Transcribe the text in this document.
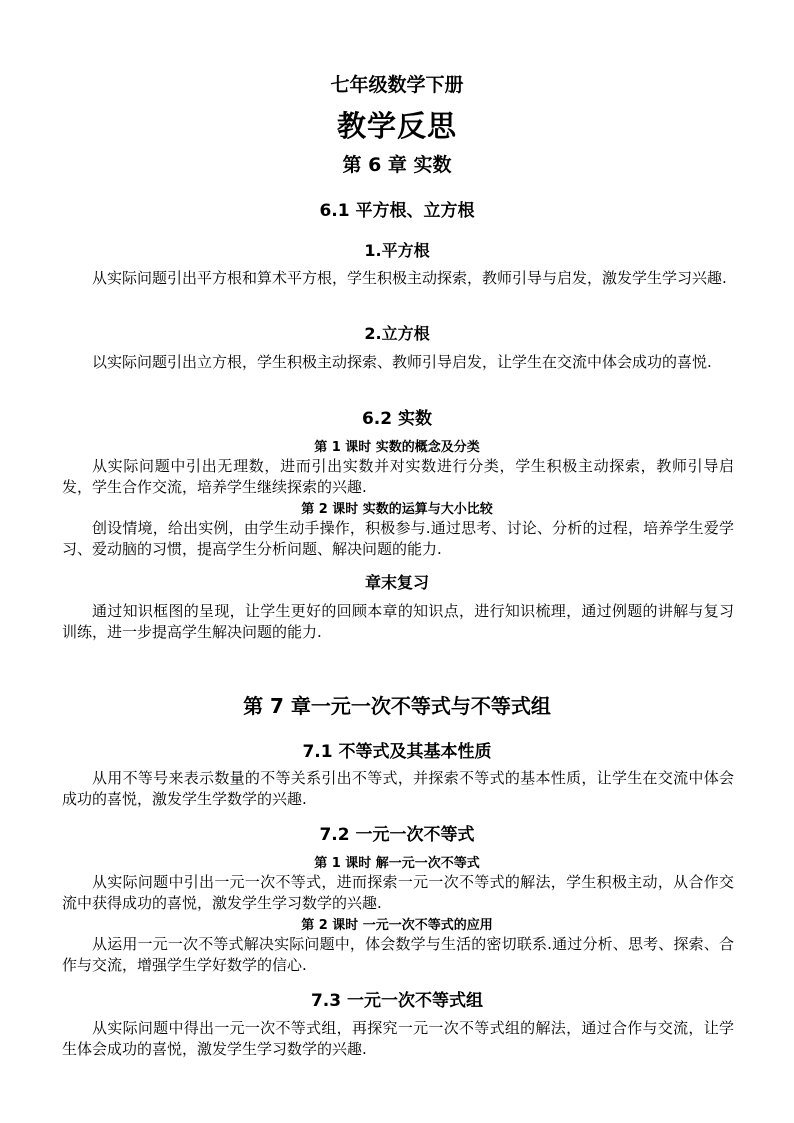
七年级数学下册
教学反思
第 6 章 实数
6.1 平方根、立方根
1.平方根

从实际问题引出平方根和算术平方根，学生积极主动探索，教师引导与启发，激发学生学习兴趣.

2.立方根

以实际问题引出立方根，学生积极主动探索、教师引导启发，让学生在交流中体会成功的喜悦.

6.2 实数
第 1 课时 实数的概念及分类

从实际问题中引出无理数，进而引出实数并对实数进行分类，学生积极主动探索，教师引导启发，学生合作交流，培养学生继续探索的兴趣.

第 2 课时 实数的运算与大小比较

创设情境，给出实例，由学生动手操作，积极参与.通过思考、讨论、分析的过程，培养学生爱学习、爱动脑的习惯，提高学生分析问题、解决问题的能力.

章末复习

通过知识框图的呈现，让学生更好的回顾本章的知识点，进行知识梳理，通过例题的讲解与复习训练，进一步提高学生解决问题的能力.

第 7 章一元一次不等式与不等式组
7.1 不等式及其基本性质

从用不等号来表示数量的不等关系引出不等式，并探索不等式的基本性质，让学生在交流中体会成功的喜悦，激发学生学数学的兴趣.

7.2 一元一次不等式
第 1 课时 解一元一次不等式

从实际问题中引出一元一次不等式，进而探索一元一次不等式的解法，学生积极主动，从合作交流中获得成功的喜悦，激发学生学习数学的兴趣.

第 2 课时 一元一次不等式的应用

从运用一元一次不等式解决实际问题中，体会数学与生活的密切联系.通过分析、思考、探索、合作与交流，增强学生学好数学的信心.

7.3 一元一次不等式组

从实际问题中得出一元一次不等式组，再探究一元一次不等式组的解法，通过合作与交流，让学生体会成功的喜悦，激发学生学习数学的兴趣.
